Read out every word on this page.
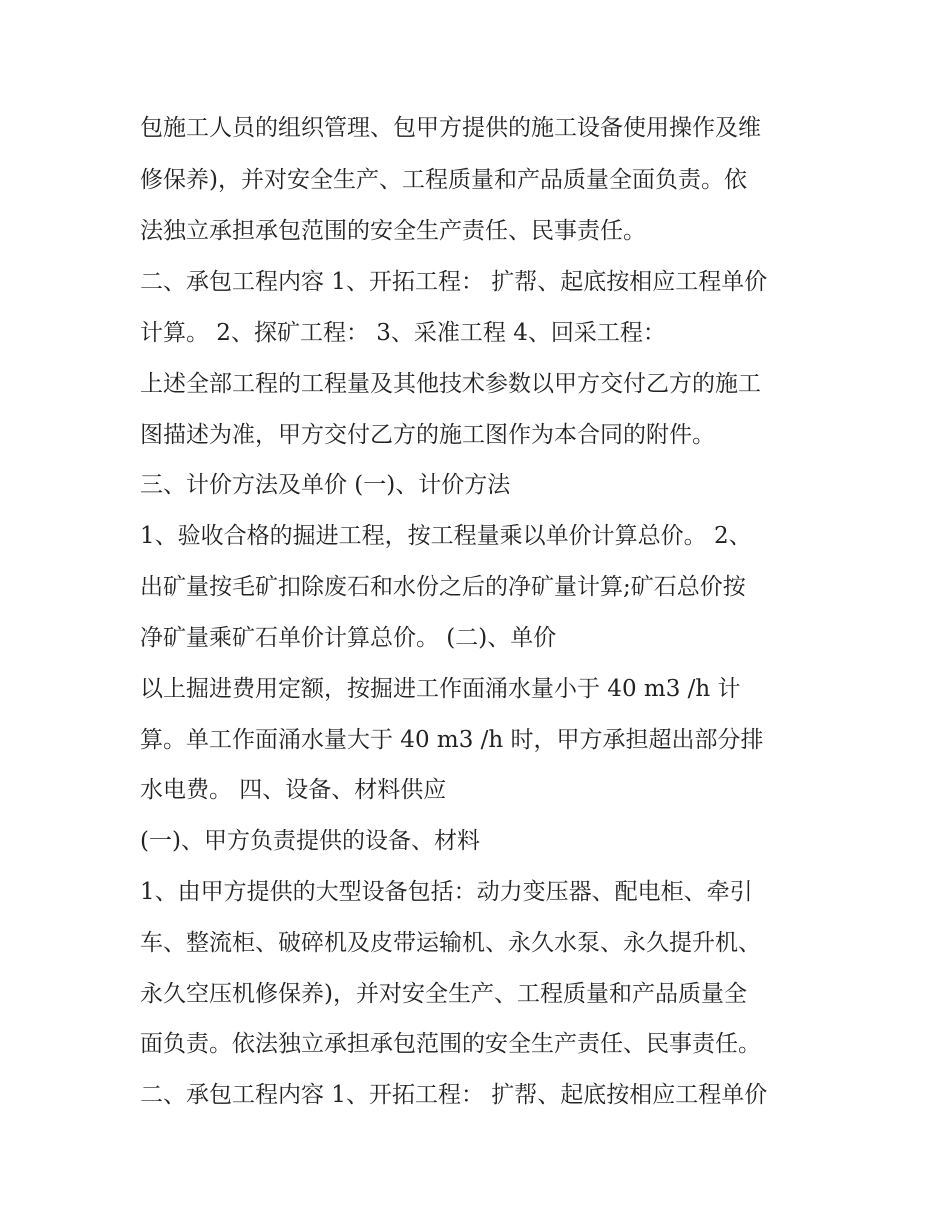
包施工人员的组织管理、包甲方提供的施工设备使用操作及维
修保养)，并对安全生产、工程质量和产品质量全面负责。依
法独立承担承包范围的安全生产责任、民事责任。
二、承包工程内容 1、开拓工程： 扩帮、起底按相应工程单价
计算。 2、探矿工程： 3、采准工程 4、回采工程：
上述全部工程的工程量及其他技术参数以甲方交付乙方的施工
图描述为准，甲方交付乙方的施工图作为本合同的附件。
三、计价方法及单价 (一)、计价方法
1、验收合格的掘进工程，按工程量乘以单价计算总价。 2、
出矿量按毛矿扣除废石和水份之后的净矿量计算;矿石总价按
净矿量乘矿石单价计算总价。 (二)、单价
以上掘进费用定额，按掘进工作面涌水量小于 40 m3 /h 计
算。单工作面涌水量大于 40 m3 /h 时，甲方承担超出部分排
水电费。 四、设备、材料供应
(一)、甲方负责提供的设备、材料
1、由甲方提供的大型设备包括：动力变压器、配电柜、牵引
车、整流柜、破碎机及皮带运输机、永久水泵、永久提升机、
永久空压机修保养)，并对安全生产、工程质量和产品质量全
面负责。依法独立承担承包范围的安全生产责任、民事责任。
二、承包工程内容 1、开拓工程： 扩帮、起底按相应工程单价
